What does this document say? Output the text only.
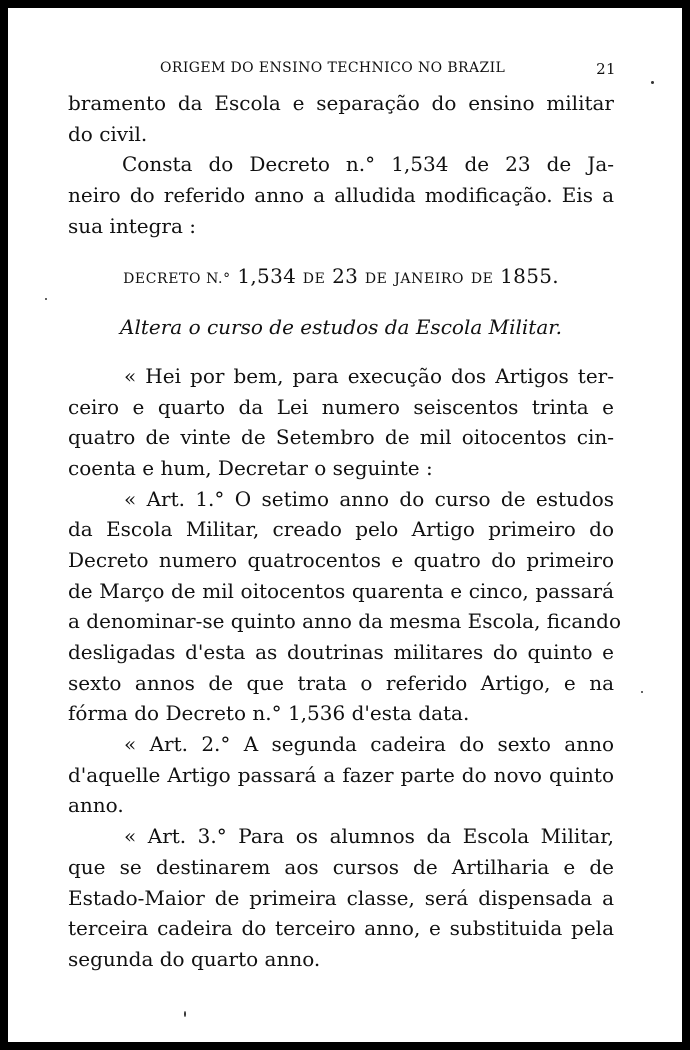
ORIGEM DO ENSINO TECHNICO NO BRAZIL	21
bramento da Escola e separação do ensino militar
do civil.
Consta do Decreto n.° 1,534 de 23 de Ja-
neiro do referido anno a alludida modificação. Eis a
sua integra :
DECRETO N.° 1,534 DE 23 DE JANEIRO DE 1855.
Altera o curso de estudos da Escola Militar.
« Hei por bem, para execução dos Artigos ter-
ceiro e quarto da Lei numero seiscentos trinta e
quatro de vinte de Setembro de mil oitocentos cin-
coenta e hum, Decretar o seguinte :
« Art. 1.° O setimo anno do curso de estudos
da Escola Militar, creado pelo Artigo primeiro do
Decreto numero quatrocentos e quatro do primeiro
de Março de mil oitocentos quarenta e cinco, passará
a denominar-se quinto anno da mesma Escola, ficando
desligadas d'esta as doutrinas militares do quinto e
sexto annos de que trata o referido Artigo, e na
fórma do Decreto n.° 1,536 d'esta data.
« Art. 2.° A segunda cadeira do sexto anno
d'aquelle Artigo passará a fazer parte do novo quinto
anno.
« Art. 3.° Para os alumnos da Escola Militar,
que se destinarem aos cursos de Artilharia e de
Estado-Maior de primeira classe, será dispensada a
terceira cadeira do terceiro anno, e substituida pela
segunda do quarto anno.
